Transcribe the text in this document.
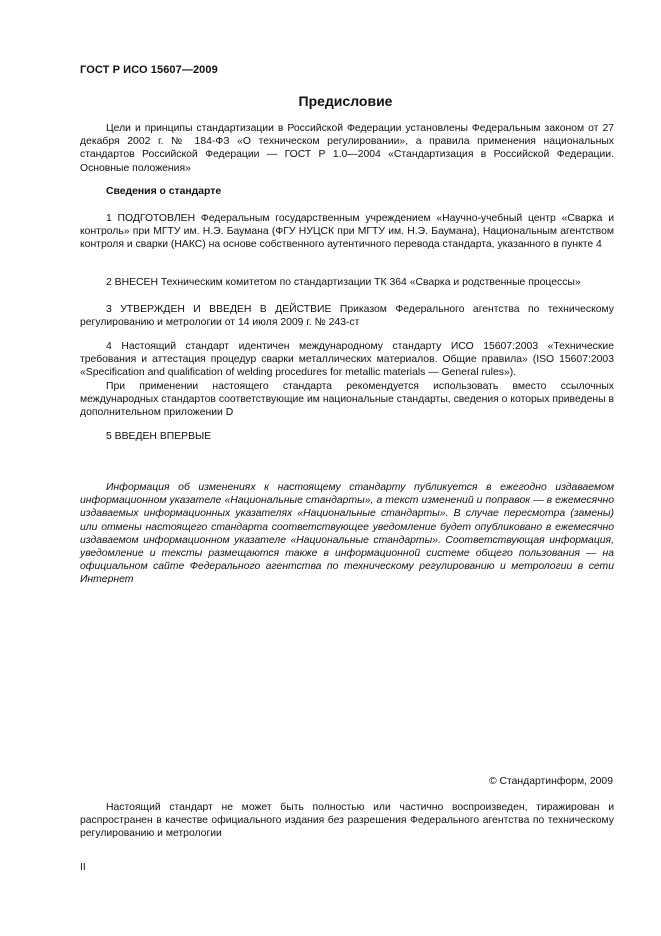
ГОСТ Р ИСО 15607—2009
Предисловие
Цели и принципы стандартизации в Российской Федерации установлены Федеральным законом от 27 декабря 2002 г. № 184-ФЗ «О техническом регулировании», а правила применения национальных стандартов Российской Федерации — ГОСТ Р 1.0—2004 «Стандартизация в Российской Федерации. Основные положения»
Сведения о стандарте
1 ПОДГОТОВЛЕН Федеральным государственным учреждением «Научно-учебный центр «Сварка и контроль» при МГТУ им. Н.Э. Баумана (ФГУ НУЦСК при МГТУ им. Н.Э. Баумана), Национальным агентством контроля и сварки (НАКС) на основе собственного аутентичного перевода стандарта, указанного в пункте 4
2 ВНЕСЕН Техническим комитетом по стандартизации ТК 364 «Сварка и родственные процессы»
3 УТВЕРЖДЕН И ВВЕДЕН В ДЕЙСТВИЕ Приказом Федерального агентства по техническому регулированию и метрологии от 14 июля 2009 г. № 243-ст
4 Настоящий стандарт идентичен международному стандарту ИСО 15607:2003 «Технические требования и аттестация процедур сварки металлических материалов. Общие правила» (ISO 15607:2003 «Specification and qualification of welding procedures for metallic materials — General rules»).
При применении настоящего стандарта рекомендуется использовать вместо ссылочных международных стандартов соответствующие им национальные стандарты, сведения о которых приведены в дополнительном приложении D
5 ВВЕДЕН ВПЕРВЫЕ
Информация об изменениях к настоящему стандарту публикуется в ежегодно издаваемом информационном указателе «Национальные стандарты», а текст изменений и поправок — в ежемесячно издаваемых информационных указателях «Национальные стандарты». В случае пересмотра (замены) или отмены настоящего стандарта соответствующее уведомление будет опубликовано в ежемесячно издаваемом информационном указателе «Национальные стандарты». Соответствующая информация, уведомление и тексты размещаются также в информационной системе общего пользования — на официальном сайте Федерального агентства по техническому регулированию и метрологии в сети Интернет
© Стандартинформ, 2009
Настоящий стандарт не может быть полностью или частично воспроизведен, тиражирован и распространен в качестве официального издания без разрешения Федерального агентства по техническому регулированию и метрологии
II
